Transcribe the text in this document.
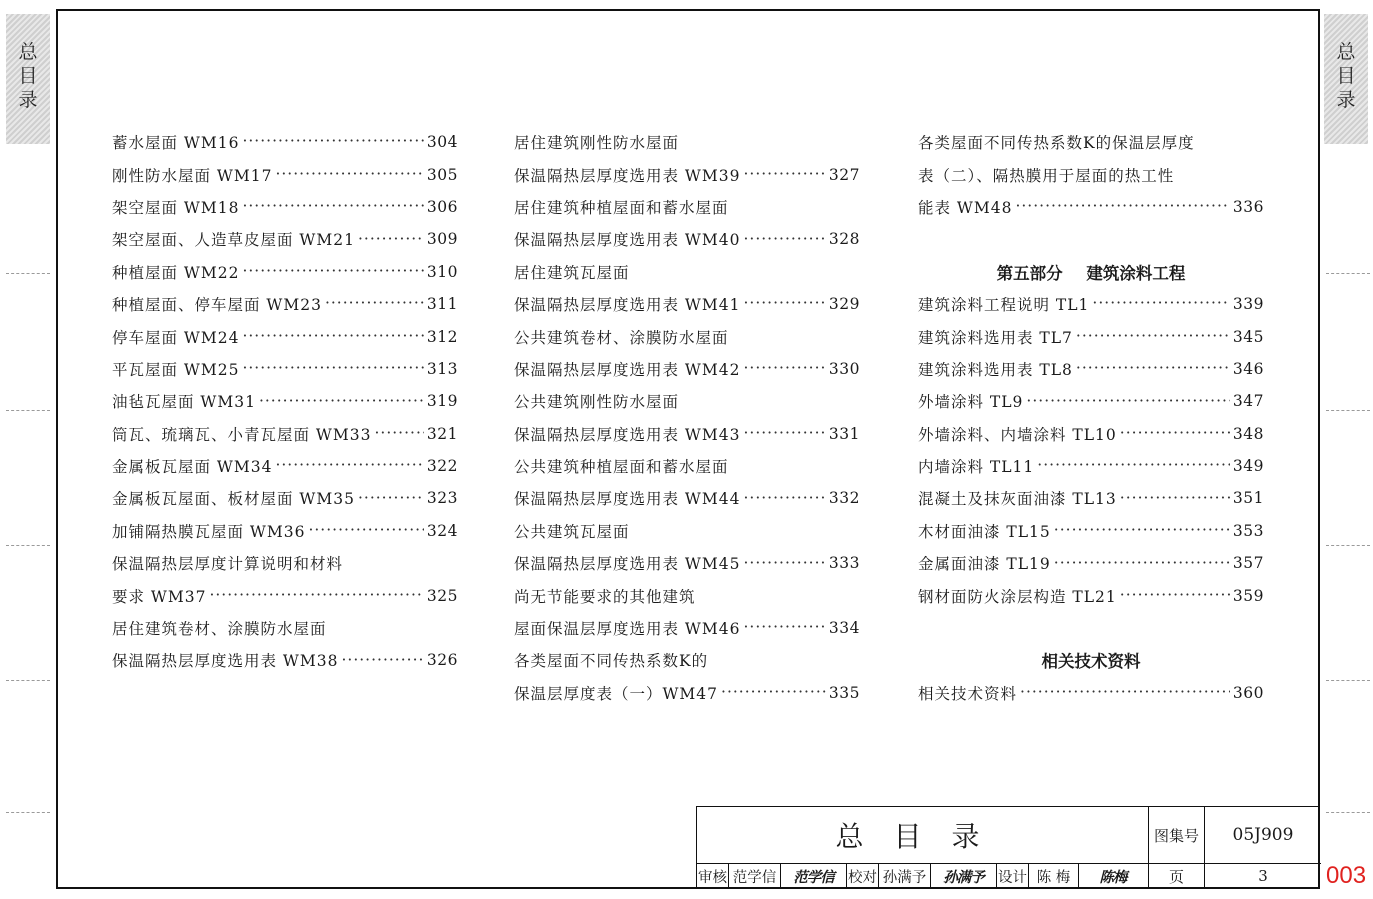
总
目
录
总
目
录
蓄水屋面 WM16 ·····	304
刚性防水屋面 WM17 ·····	305
架空屋面 WM18 ·····	306
架空屋面、人造草皮屋面 WM21 ·····	309
种植屋面 WM22 ·····	310
种植屋面、停车屋面 WM23 ·····	311
停车屋面 WM24 ·····	312
平瓦屋面 WM25 ·····	313
油毡瓦屋面 WM31 ·····	319
筒瓦、琉璃瓦、小青瓦屋面 WM33 ·····	321
金属板瓦屋面 WM34 ·····	322
金属板瓦屋面、板材屋面 WM35 ·····	323
加铺隔热膜瓦屋面 WM36 ·····	324
保温隔热层厚度计算说明和材料
要求 WM37 ·····	325
居住建筑卷材、涂膜防水屋面
保温隔热层厚度选用表 WM38 ·····	326
居住建筑刚性防水屋面
保温隔热层厚度选用表 WM39 ·····	327
居住建筑种植屋面和蓄水屋面
保温隔热层厚度选用表 WM40 ·····	328
居住建筑瓦屋面
保温隔热层厚度选用表 WM41 ·····	329
公共建筑卷材、涂膜防水屋面
保温隔热层厚度选用表 WM42 ·····	330
公共建筑刚性防水屋面
保温隔热层厚度选用表 WM43 ·····	331
公共建筑种植屋面和蓄水屋面
保温隔热层厚度选用表 WM44 ·····	332
公共建筑瓦屋面
保温隔热层厚度选用表 WM45 ·····	333
尚无节能要求的其他建筑
屋面保温层厚度选用表 WM46 ·····	334
各类屋面不同传热系数K的
保温层厚度表（一）WM47 ·····	335
各类屋面不同传热系数K的保温层厚度
表（二）、隔热膜用于屋面的热工性
能表 WM48 ·····	336
第五部分 建筑涂料工程
建筑涂料工程说明 TL1 ·····	339
建筑涂料选用表 TL7 ·····	345
建筑涂料选用表 TL8 ·····	346
外墙涂料 TL9 ·····	347
外墙涂料、内墙涂料 TL10 ·····	348
内墙涂料 TL11 ·····	349
混凝土及抹灰面油漆 TL13 ·····	351
木材面油漆 TL15 ·····	353
金属面油漆 TL19 ·····	357
钢材面防火涂层构造 TL21 ·····	359
相关技术资料
相关技术资料 ·····	360
总目录	图集号	05J909
页	3
审核 范学信	范学信 校对 孙满予	孙满予 设计 陈 梅	陈梅	003
